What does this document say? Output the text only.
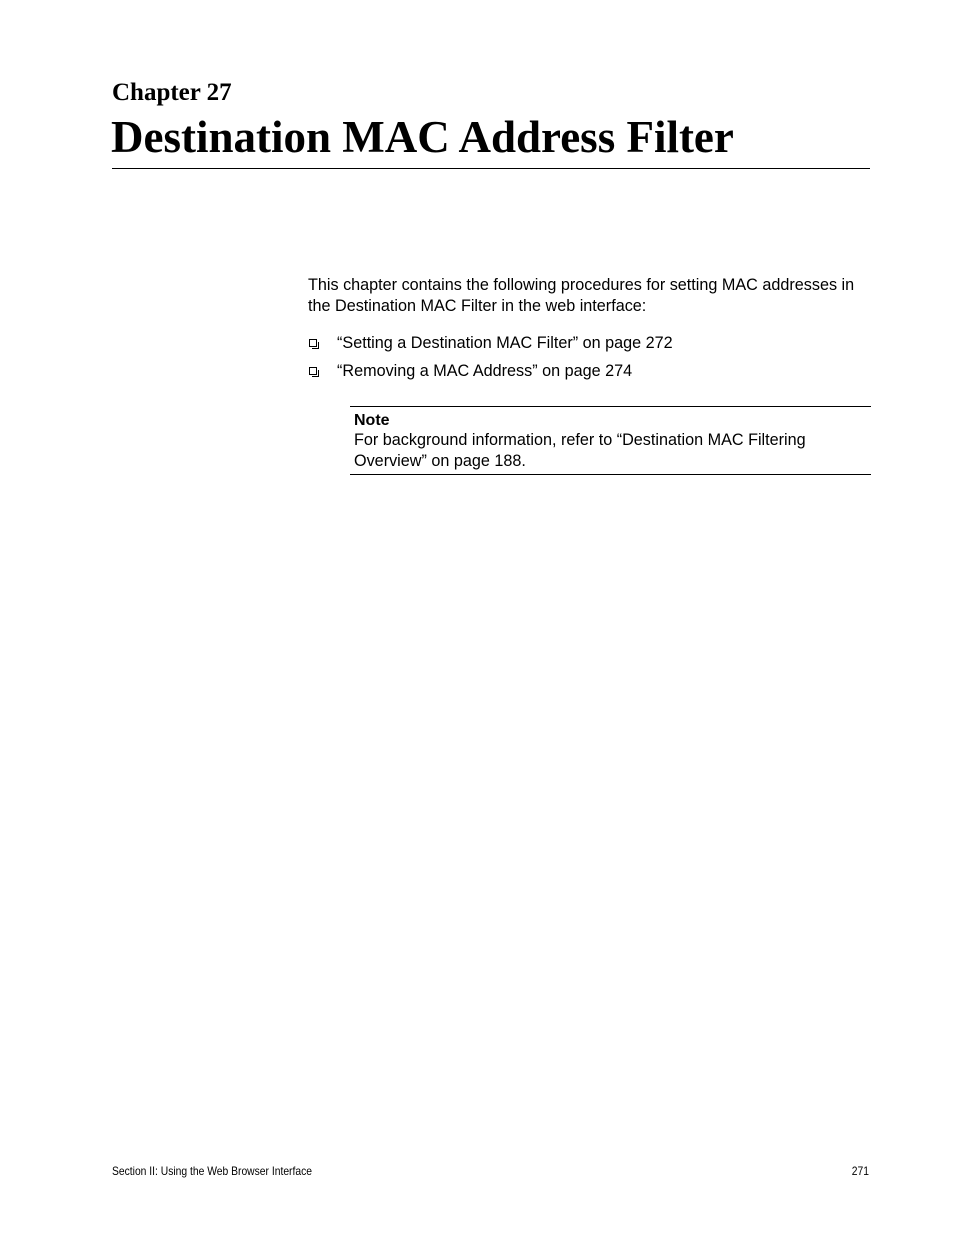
Chapter 27
Destination MAC Address Filter
This chapter contains the following procedures for setting MAC addresses in the Destination MAC Filter in the web interface:
“Setting a Destination MAC Filter” on page 272
“Removing a MAC Address” on page 274
Note
For background information, refer to “Destination MAC Filtering Overview” on page 188.
Section II: Using the Web Browser Interface	271
